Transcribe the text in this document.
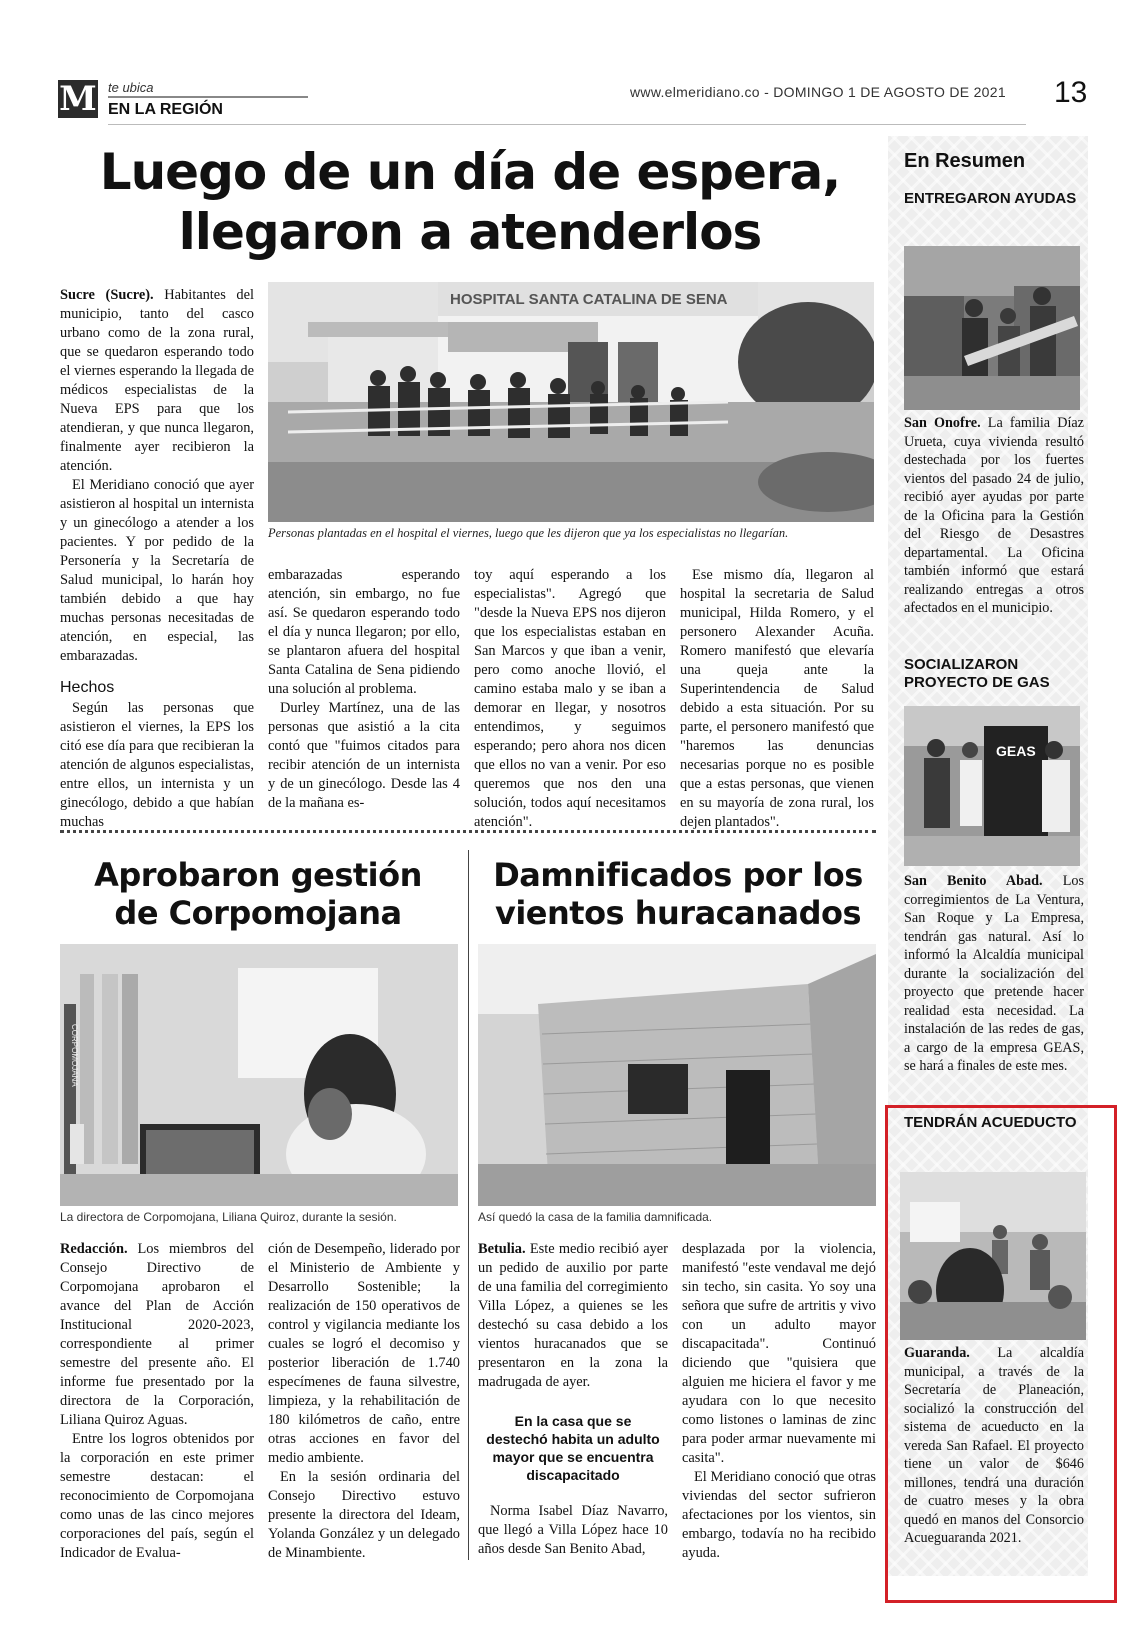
M te ubica
EN LA REGIÓN
www.elmeridiano.co - DOMINGO 1 DE AGOSTO DE 2021 13
En Resumen
ENTREGARON AYUDAS
San Onofre. La familia Díaz Urueta, cuya vivienda resultó destechada por los fuertes vientos del pasado 24 de julio, recibió ayer ayudas por parte de la Oficina para la Gestión del Riesgo de Desastres departamental. La Oficina también informó que estará realizando entregas a otros afectados en el municipio.
SOCIALIZARON PROYECTO DE GAS
GEAS
San Benito Abad. Los corregimientos de La Ventura, San Roque y La Empresa, tendrán gas natural. Así lo informó la Alcaldía municipal durante la socialización del proyecto que pretende hacer realidad esta necesidad. La instalación de las redes de gas, a cargo de la empresa GEAS, se hará a finales de este mes.
TENDRÁN ACUEDUCTO
Guaranda. La alcaldía municipal, a través de la Secretaría de Planeación, socializó la construcción del sistema de acueducto en la vereda San Rafael. El proyecto tiene un valor de $646 millones, tendrá una duración de cuatro meses y la obra quedó en manos del Consorcio Acueguaranda 2021.
Luego de un día de espera,
llegaron a atenderlos
HOSPITAL SANTA CATALINA DE SENA
Personas plantadas en el hospital el viernes, luego que les dijeron que ya los especialistas no llegarían.

Sucre (Sucre). Habitantes del municipio, tanto del casco urbano como de la zona rural, que se quedaron esperando todo el viernes esperando la llegada de médicos especialistas de la Nueva EPS para que los atendieran, y que nunca llegaron, finalmente ayer recibieron la atención.

El Meridiano conoció que ayer asistieron al hospital un internista y un ginecólogo a atender a los pacientes. Y por pedido de la Personería y la Secretaría de Salud municipal, lo harán hoy también debido a que hay muchas personas necesitadas de atención, en especial, las embarazadas.

Hechos

Según las personas que asistieron el viernes, la EPS los citó ese día para que recibieran la atención de algunos especialistas, entre ellos, un internista y un ginecólogo, debido a que habían muchas

embarazadas esperando atención, sin embargo, no fue así. Se quedaron esperando todo el día y nunca llegaron; por ello, se plantaron afuera del hospital Santa Catalina de Sena pidiendo una solución al problema.

Durley Martínez, una de las personas que asistió a la cita contó que "fuimos citados para recibir atención de un internista y de un ginecólogo. Desde las 4 de la mañana es-

toy aquí esperando a los especialistas". Agregó que "desde la Nueva EPS nos dijeron que los especialistas estaban en San Marcos y que iban a venir, pero como anoche llovió, el camino estaba malo y se iban a demorar en llegar, y nosotros entendimos, y seguimos esperando; pero ahora nos dicen que ellos no van a venir. Por eso queremos que nos den una solución, todos aquí necesitamos atención".

Ese mismo día, llegaron al hospital la secretaria de Salud municipal, Hilda Romero, y el personero Alexander Acuña. Romero manifestó que elevaría una queja ante la Superintendencia de Salud debido a esta situación. Por su parte, el personero manifestó que "haremos las denuncias necesarias porque no es posible que a estas personas, que vienen en su mayoría de zona rural, los dejen plantados".

Aprobaron gestión
de Corpomojana
CORPOMOJANA
La directora de Corpomojana, Liliana Quiroz, durante la sesión.

Redacción. Los miembros del Consejo Directivo de Corpomojana aprobaron el avance del Plan de Acción Institucional 2020-2023, correspondiente al primer semestre del presente año. El informe fue presentado por la directora de la Corporación, Liliana Quiroz Aguas.

Entre los logros obtenidos por la corporación en este primer semestre destacan: el reconocimiento de Corpomojana como unas de las cinco mejores corporaciones del país, según el Indicador de Evalua-

ción de Desempeño, liderado por el Ministerio de Ambiente y Desarrollo Sostenible; la realización de 150 operativos de control y vigilancia mediante los cuales se logró el decomiso y posterior liberación de 1.740 especímenes de fauna silvestre, limpieza, y la rehabilitación de 180 kilómetros de caño, entre otras acciones en favor del medio ambiente.

En la sesión ordinaria del Consejo Directivo estuvo presente la directora del Ideam, Yolanda González y un delegado de Minambiente.

Damnificados por los
vientos huracanados
Así quedó la casa de la familia damnificada.

Betulia. Este medio recibió ayer un pedido de auxilio por parte de una familia del corregimiento Villa López, a quienes se les destechó su casa debido a los vientos huracanados que se presentaron en la zona la madrugada de ayer.

En la casa que se destechó habita un adulto mayor que se encuentra discapacitado

Norma Isabel Díaz Navarro, que llegó a Villa López hace 10 años desde San Benito Abad,

desplazada por la violencia, manifestó "este vendaval me dejó sin techo, sin casita. Yo soy una señora que sufre de artritis y vivo con un adulto mayor discapacitada". Continuó diciendo que "quisiera que alguien me hiciera el favor y me ayudara con lo que necesito como listones o laminas de zinc para poder armar nuevamente mi casita".

El Meridiano conoció que otras viviendas del sector sufrieron afectaciones por los vientos, sin embargo, todavía no ha recibido ayuda.
